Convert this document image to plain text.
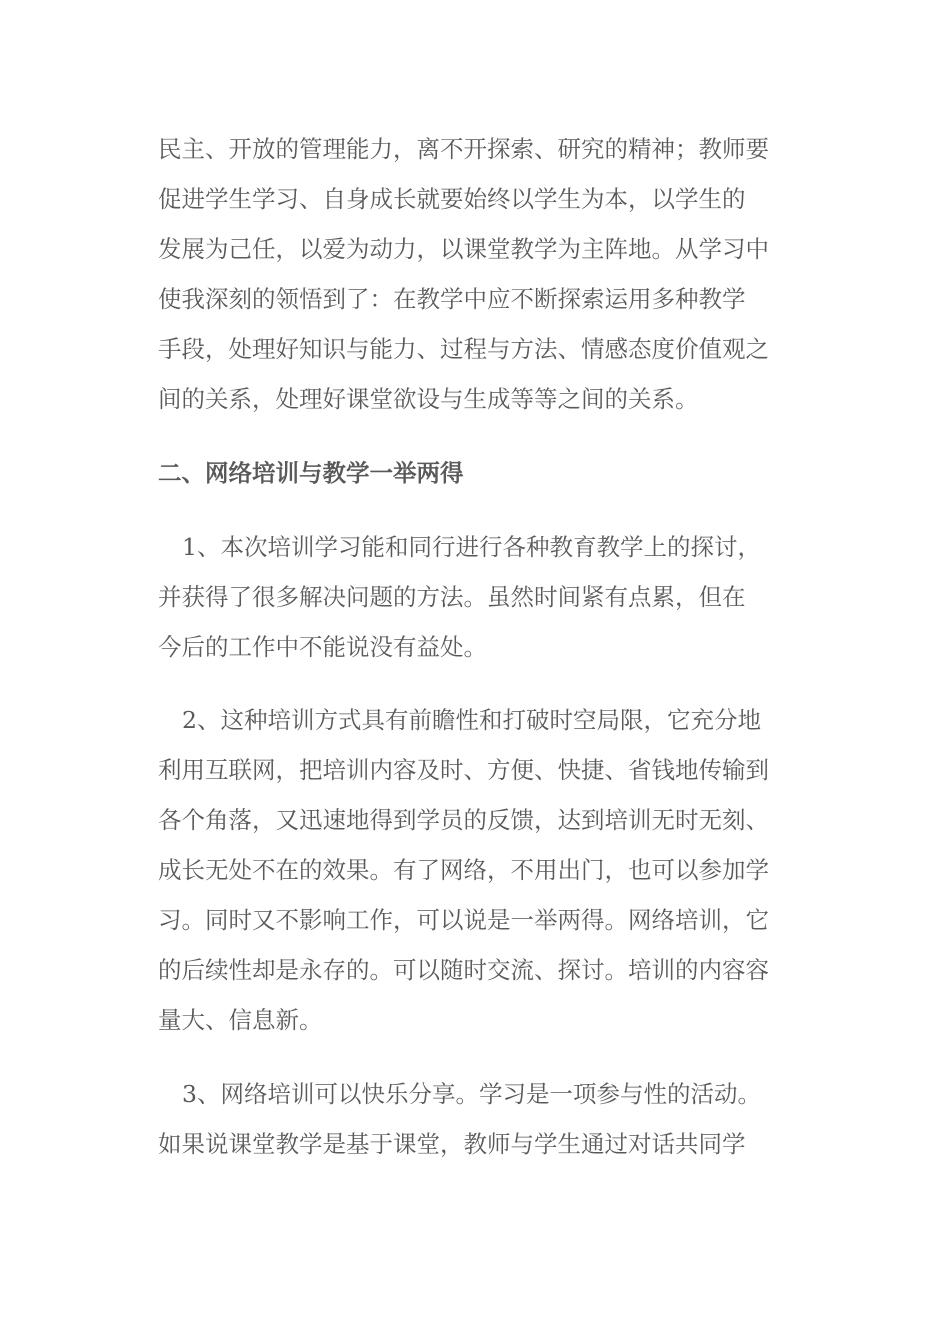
民主、开放的管理能力，离不开探索、研究的精神；教师要
促进学生学习、自身成长就要始终以学生为本，以学生的
发展为己任，以爱为动力，以课堂教学为主阵地。从学习中
使我深刻的领悟到了：在教学中应不断探索运用多种教学
手段，处理好知识与能力、过程与方法、情感态度价值观之
间的关系，处理好课堂欲设与生成等等之间的关系。
二、网络培训与教学一举两得
1、本次培训学习能和同行进行各种教育教学上的探讨，
并获得了很多解决问题的方法。虽然时间紧有点累，但在
今后的工作中不能说没有益处。
2、这种培训方式具有前瞻性和打破时空局限，它充分地
利用互联网，把培训内容及时、方便、快捷、省钱地传输到
各个角落，又迅速地得到学员的反馈，达到培训无时无刻、
成长无处不在的效果。有了网络，不用出门，也可以参加学
习。同时又不影响工作，可以说是一举两得。网络培训，它
的后续性却是永存的。可以随时交流、探讨。培训的内容容
量大、信息新。
3、网络培训可以快乐分享。学习是一项参与性的活动。
如果说课堂教学是基于课堂，教师与学生通过对话共同学
